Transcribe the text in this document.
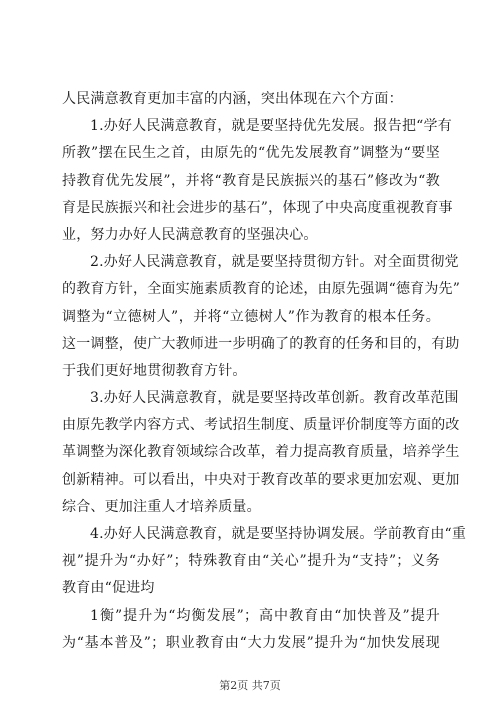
人民满意教育更加丰富的内涵，突出体现在六个方面：
1.办好人民满意教育，就是要坚持优先发展。报告把“学有
所教”摆在民生之首，由原先的“优先发展教育”调整为“要坚
持教育优先发展”，并将“教育是民族振兴的基石”修改为“教
育是民族振兴和社会进步的基石”，体现了中央高度重视教育事
业，努力办好人民满意教育的坚强决心。
2.办好人民满意教育，就是要坚持贯彻方针。对全面贯彻党
的教育方针，全面实施素质教育的论述，由原先强调“德育为先”
调整为“立德树人”，并将“立德树人”作为教育的根本任务。
这一调整，使广大教师进一步明确了的教育的任务和目的，有助
于我们更好地贯彻教育方针。
3.办好人民满意教育，就是要坚持改革创新。教育改革范围
由原先教学内容方式、考试招生制度、质量评价制度等方面的改
革调整为深化教育领域综合改革，着力提高教育质量，培养学生
创新精神。可以看出，中央对于教育改革的要求更加宏观、更加
综合、更加注重人才培养质量。
4.办好人民满意教育，就是要坚持协调发展。学前教育由“重
视”提升为“办好”；特殊教育由“关心”提升为“支持”；义务
教育由“促进均
1衡”提升为“均衡发展”；高中教育由“加快普及”提升
为“基本普及”；职业教育由“大力发展”提升为“加快发展现
第2页 共7页
